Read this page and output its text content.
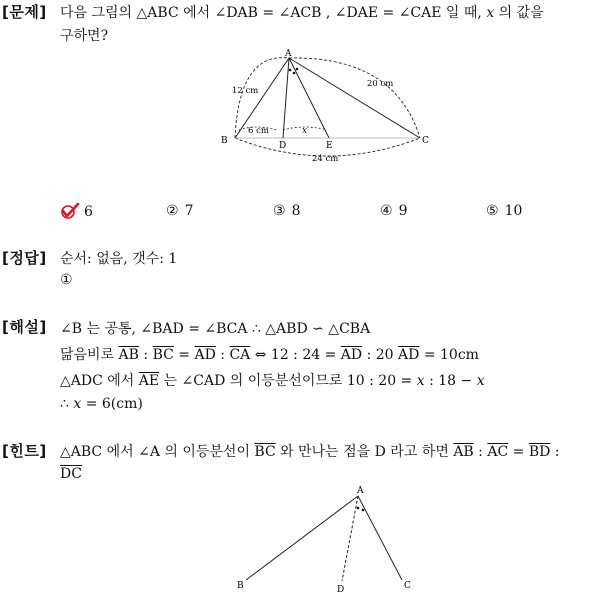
[문제] 다음 그림의 △ABC 에서 ∠DAB = ∠ACB , ∠DAE = ∠CAE 일 때, 𝑥 의 값을
구하면?
A
B	C
D	E
12 cm
20 cm
6 cm	x
24 cm
6	② 7	③ 8	④ 9	⑤ 10
[정답] 순서: 없음, 갯수: 1
①
[해설] ∠B 는 공통, ∠BAD = ∠BCA ∴ △ABD ∽ △CBA
닮음비로 $\overline{AB}$ : $\overline{BC} = \overline{AD}$ : $\overline{CA}$ ⇔ 12 : $24 = \overline{AD}$ : 20 $\overline{AD} = 10cm$
△ADC 에서 $\overline{AE}$ 는 ∠CAD 의 이등분선이므로 10 : 20 = 𝑥 : 18 − 𝑥
∴ 𝑥 = 6(cm)
[힌트] △ABC 에서 ∠A 의 이등분선이 $\overline{BC}$ 와 만나는 점을 D 라고 하면 $\overline{AB}$ : $\overline{AC} = \overline{BD}$ :
$\overline{DC}$
A
B	C
D
